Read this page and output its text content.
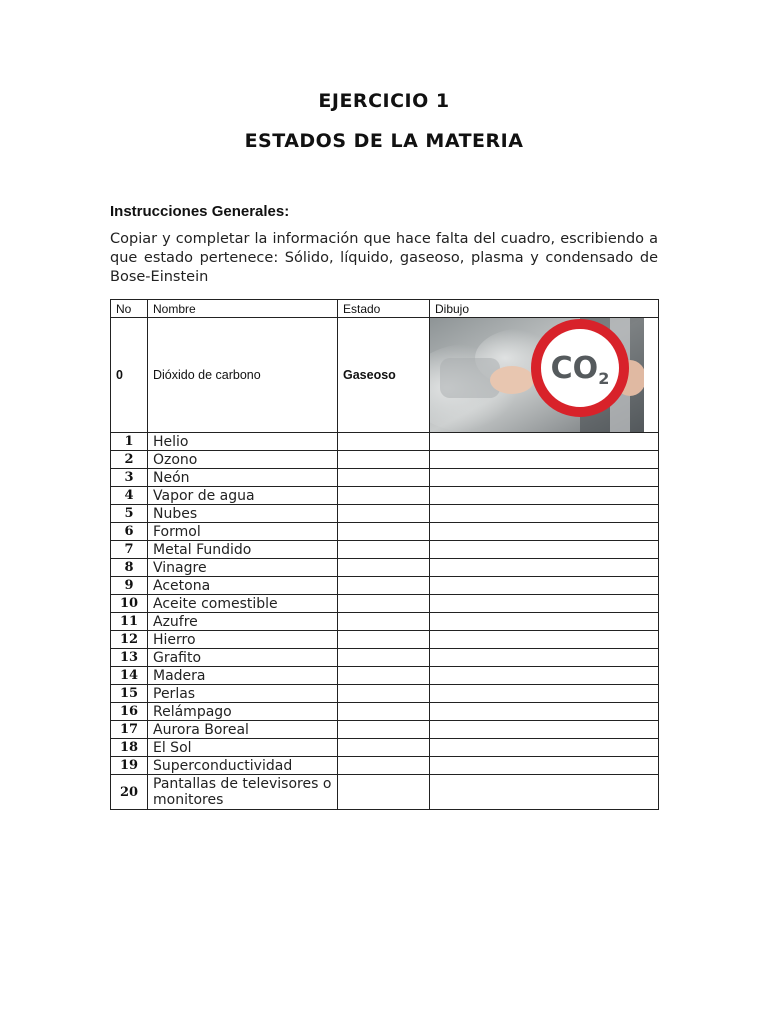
EJERCICIO 1
ESTADOS DE LA MATERIA
Instrucciones Generales:
Copiar y completar la información que hace falta del cuadro, escribiendo a que estado pertenece: Sólido, líquido, gaseoso, plasma y condensado de Bose-Einstein
No	Nombre	Estado	Dibujo
0	Dióxido de carbono	Gaseoso	$CO_2$

1	Helio		
2	Ozono		
3	Neón		
4	Vapor de agua		
5	Nubes		
6	Formol		
7	Metal Fundido		
8	Vinagre		
9	Acetona		
10	Aceite comestible		
11	Azufre		
12	Hierro		
13	Grafito		
14	Madera		
15	Perlas		
16	Relámpago		
17	Aurora Boreal		
18	El Sol		
19	Superconductividad		
20	Pantallas de televisores o monitores		
